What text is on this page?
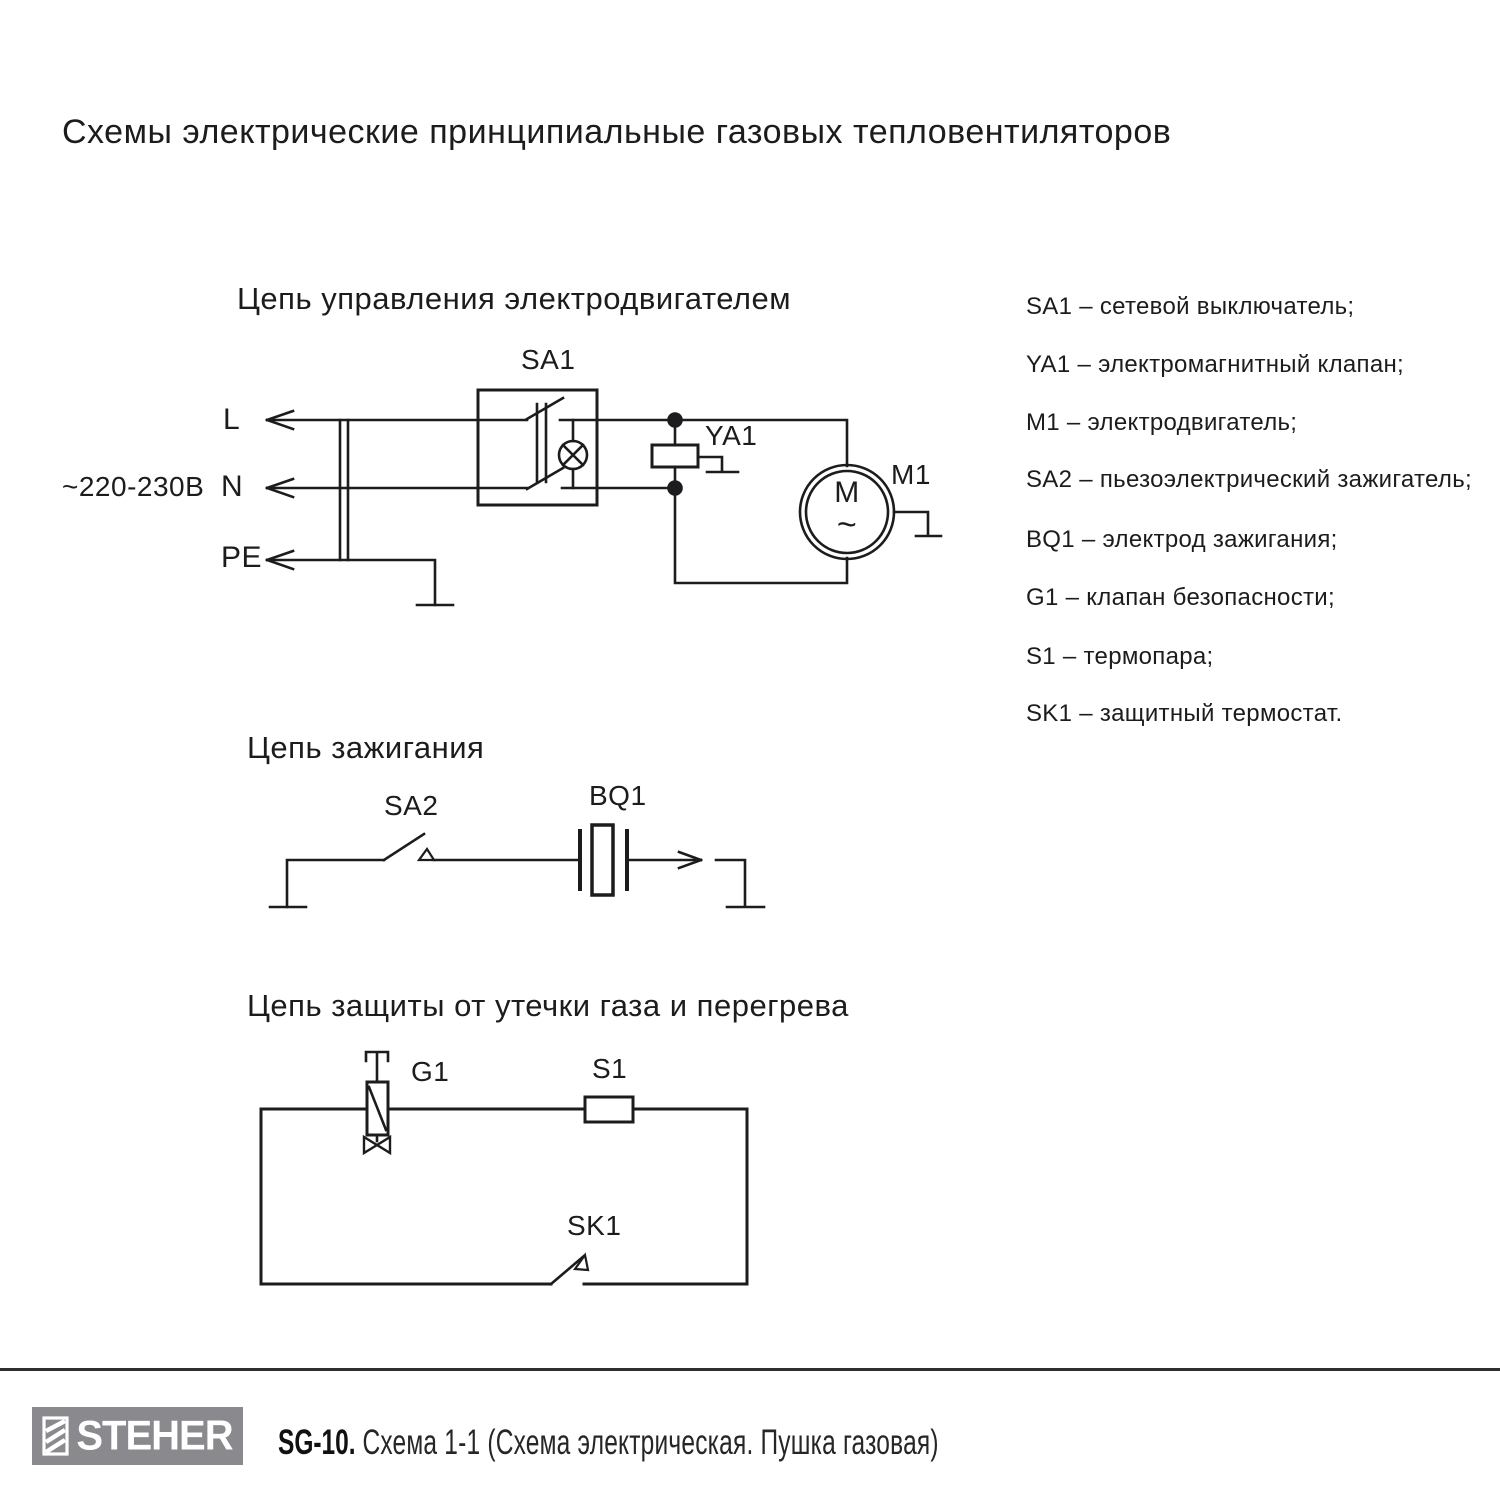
Схемы электрические принципиальные газовых тепловентиляторов
Цепь управления электродвигателем
SA1
~220-230В
L
N
PE
YA1
M1
M
~
SA1 – сетевой выключатель;
YA1 – электромагнитный клапан;
M1 – электродвигатель;
SA2 – пьезоэлектрический зажигатель;
BQ1 – электрод зажигания;
G1 – клапан безопасности;
S1 – термопара;
SK1 – защитный термостат.
Цепь зажигания
SA2	BQ1
Цепь защиты от утечки газа и перегрева
G1	S1
SK1
STEHER SG-10. Схема 1-1 (Схема электрическая. Пушка газовая)
